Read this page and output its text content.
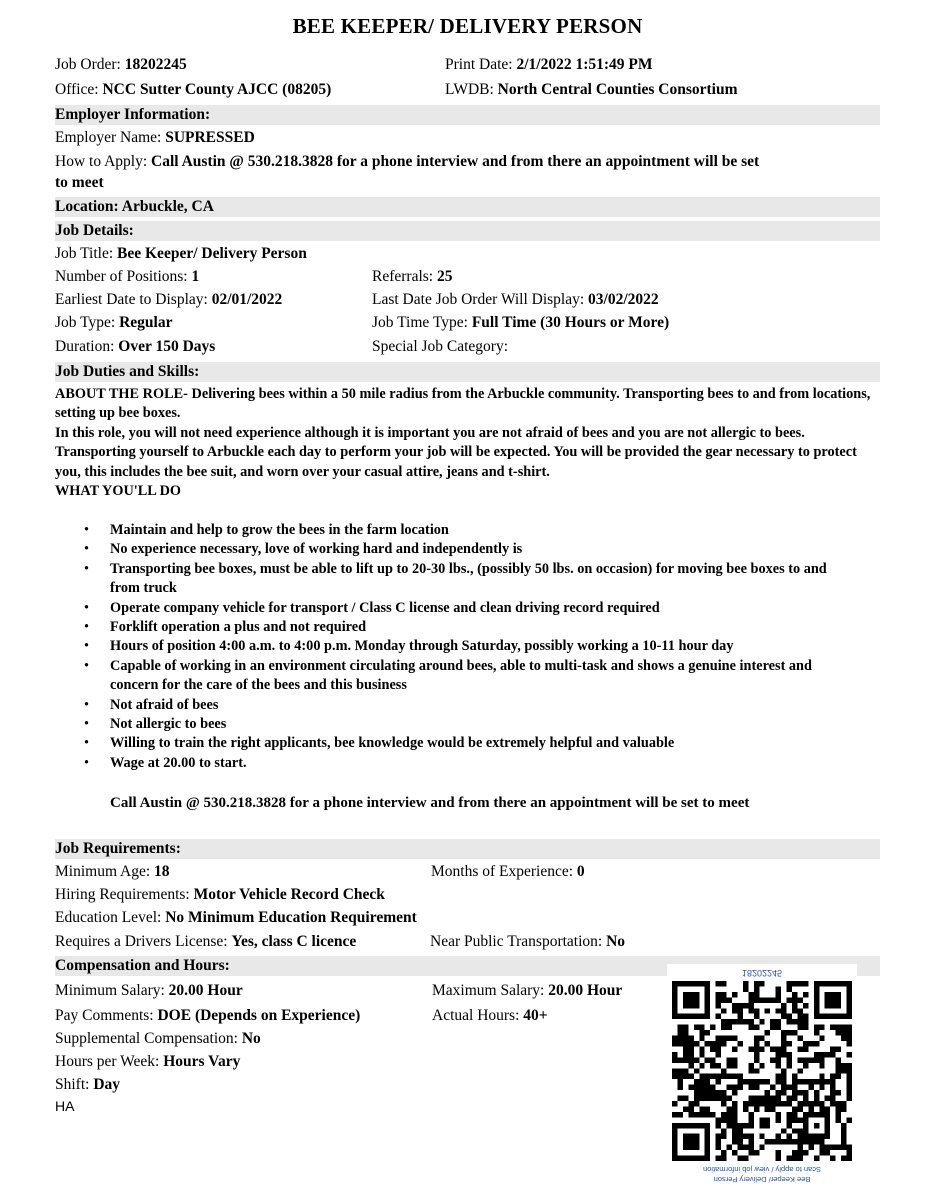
BEE KEEPER/ DELIVERY PERSON
Job Order: 18202245	Print Date: 2/1/2022 1:51:49 PM
Office: NCC Sutter County AJCC (08205)	LWDB: North Central Counties Consortium
Employer Information:
Employer Name: SUPRESSED
How to Apply: Call Austin @ 530.218.3828 for a phone interview and from there an appointment will be set
to meet
Location: Arbuckle, CA
Job Details:
Job Title: Bee Keeper/ Delivery Person
Number of Positions: 1	Referrals: 25
Earliest Date to Display: 02/01/2022	Last Date Job Order Will Display: 03/02/2022
Job Type: Regular	Job Time Type: Full Time (30 Hours or More)
Duration: Over 150 Days	Special Job Category:
Job Duties and Skills:
ABOUT THE ROLE- Delivering bees within a 50 mile radius from the Arbuckle community. Transporting bees to and from locations, setting up bee boxes.
In this role, you will not need experience although it is important you are not afraid of bees and you are not allergic to bees. Transporting yourself to Arbuckle each day to perform your job will be expected. You will be provided the gear necessary to protect you, this includes the bee suit, and worn over your casual attire, jeans and t-shirt.
WHAT YOU'LL DO
• Maintain and help to grow the bees in the farm location
• No experience necessary, love of working hard and independently is
• Transporting bee boxes, must be able to lift up to 20-30 lbs., (possibly 50 lbs. on occasion) for moving bee boxes to and from truck
• Operate company vehicle for transport / Class C license and clean driving record required
• Forklift operation a plus and not required
• Hours of position 4:00 a.m. to 4:00 p.m. Monday through Saturday, possibly working a 10-11 hour day
• Capable of working in an environment circulating around bees, able to multi-task and shows a genuine interest and concern for the care of the bees and this business
• Not afraid of bees
• Not allergic to bees
• Willing to train the right applicants, bee knowledge would be extremely helpful and valuable
• Wage at 20.00 to start.
Call Austin @ 530.218.3828 for a phone interview and from there an appointment will be set to meet
Job Requirements:
Minimum Age: 18	Months of Experience: 0
Hiring Requirements: Motor Vehicle Record Check
Education Level: No Minimum Education Requirement
Requires a Drivers License: Yes, class C licence	Near Public Transportation: No
Compensation and Hours:
Minimum Salary: 20.00 Hour	Maximum Salary: 20.00 Hour
Pay Comments: DOE (Depends on Experience)	Actual Hours: 40+
Supplemental Compensation: No
Hours per Week: Hours Vary
Shift: Day
HA
18202245
Bee Keeper/ Delivery Person
Scan to apply / view job information
